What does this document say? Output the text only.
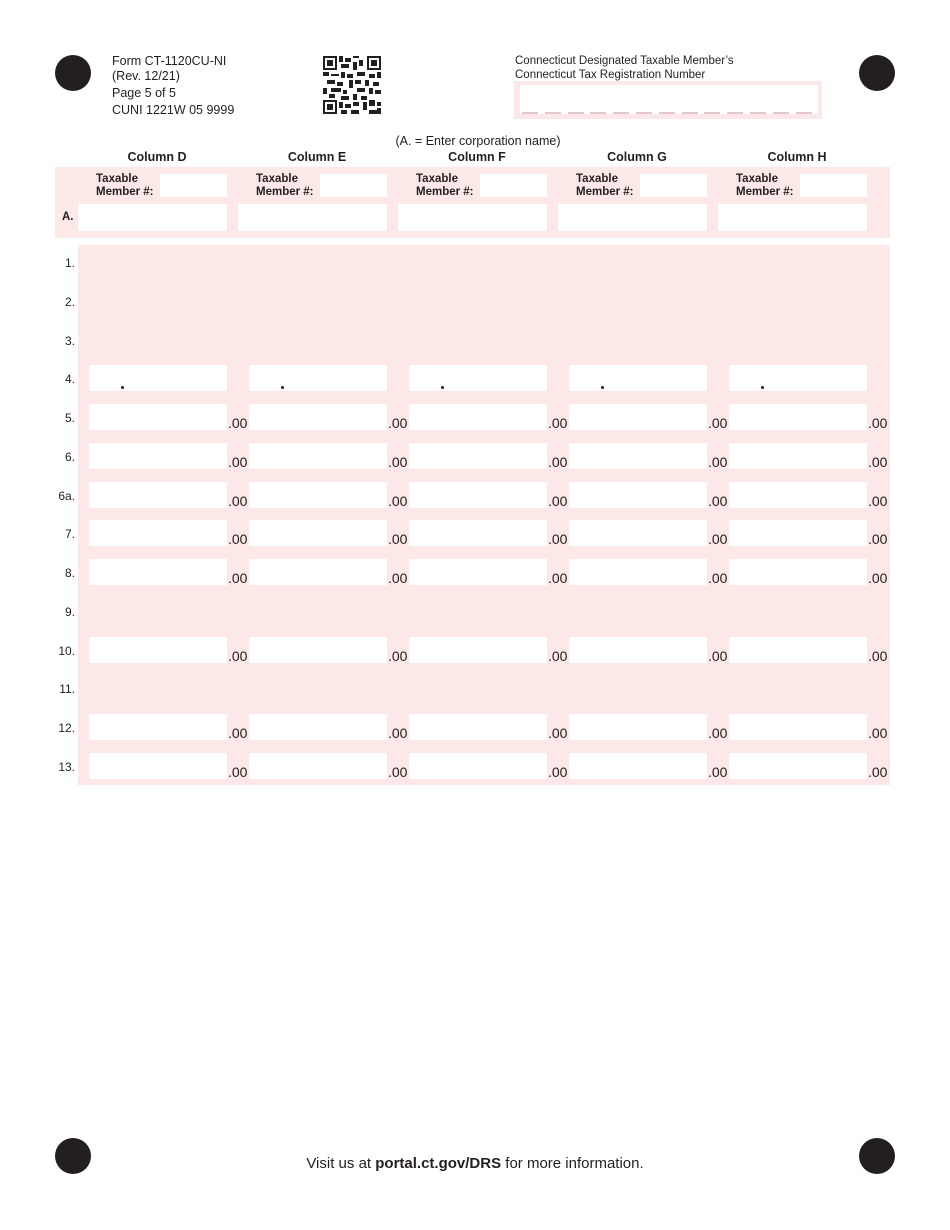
Form CT-1120CU-NI
(Rev. 12/21)
Page 5 of 5
CUNI 1221W 05 9999
Connecticut Designated Taxable Member’s
Connecticut Tax Registration Number
(A. = Enter corporation name)
A.
Column D
Taxable
Member #:
Column E
Taxable
Member #:
Column F
Taxable
Member #:
Column G
Taxable
Member #:
Column H
Taxable
Member #:
1.
2.
3.
4.
5.	.00	.00	.00	.00	.00
6.	.00	.00	.00	.00	.00
6a.	.00	.00	.00	.00	.00
7.	.00	.00	.00	.00	.00
8.	.00	.00	.00	.00	.00
9.
10.	.00	.00	.00	.00	.00
11.
12.	.00	.00	.00	.00	.00
13.	.00	.00	.00	.00	.00
Visit us at portal.ct.gov/DRS for more information.
